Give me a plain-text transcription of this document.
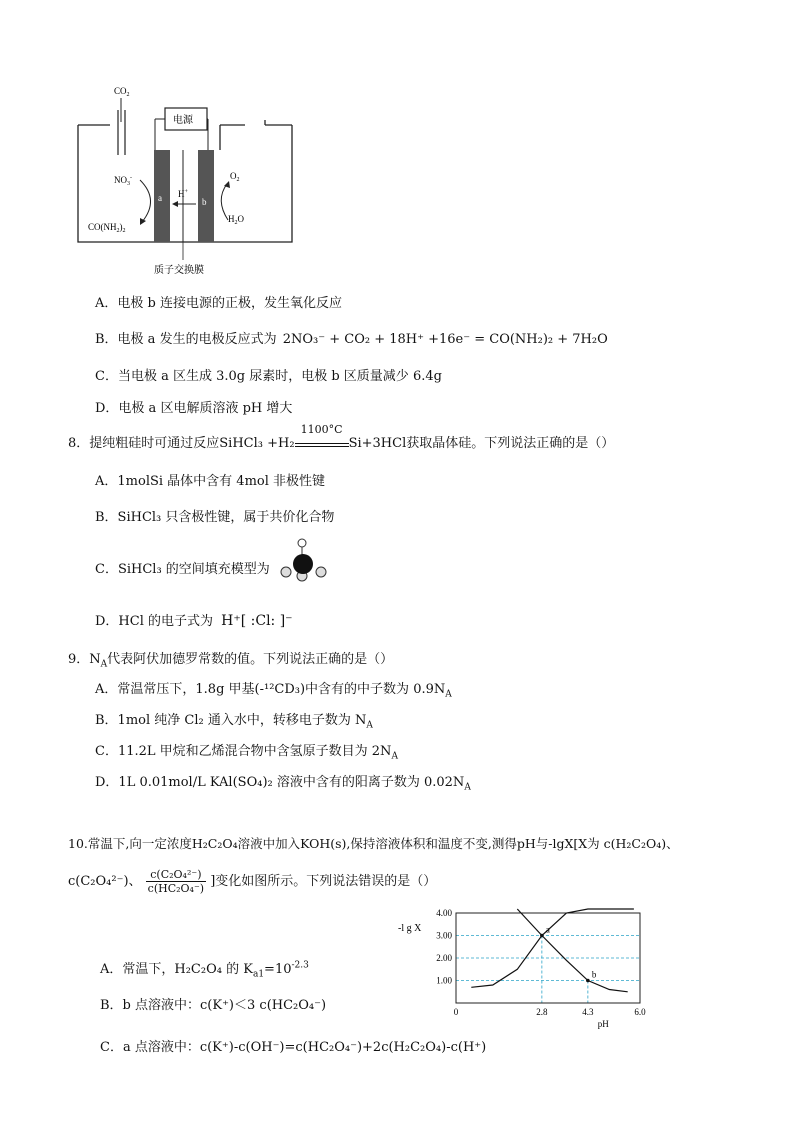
$CO_2$
电源
$NO_3^-$
a	b
H+
$O_2$
$H_2O$
$CO(NH_2)_2$
质子交换膜
A．电极 b 连接电源的正极，发生氧化反应
B．电极 a 发生的电极反应式为 2NO₃⁻ + CO₂ + 18H⁺ +16e⁻ = CO(NH₂)₂ + 7H₂O
C．当电极 a 区生成 3.0g 尿素时，电极 b 区质量减少 6.4g
D．电极 a 区电解质溶液 pH 增大
8．提纯粗硅时可通过反应SiHCl₃ +H₂
1100°C
Si+3HCl获取晶体硅。下列说法正确的是（）
A．1molSi 晶体中含有 4mol 非极性键
B．SiHCl₃ 只含极性键，属于共价化合物
C．SiHCl₃ 的空间填充模型为
D．HCl 的电子式为 H⁺[ :Cl: ]⁻
9．$N_A$代表阿伏加德罗常数的值。下列说法正确的是（）
A．常温常压下，1.8g 甲基(-¹²CD₃)中含有的中子数为 $0.9N_A$
B．1mol 纯净 Cl₂ 通入水中，转移电子数为 $N_A$
C．11.2L 甲烷和乙烯混合物中含氢原子数目为 $2N_A$
D．1L 0.01mol/L KAl(SO₄)₂ 溶液中含有的阳离子数为 $0.02N_A$
10.常温下,向一定浓度H₂C₂O₄溶液中加入KOH(s),保持溶液体积和温度不变,测得pH与-lgX[X为 c(H₂C₂O₄)、
c(C₂O₄²⁻)、 $\frac{\text{c(C₂O₄²⁻)}}{\text{c(HC₂O₄⁻)}}$ ]变化如图所示。下列说法错误的是（）
A．常温下，H₂C₂O₄ 的 $K_{a1}=10^{-2.3}$
B．b 点溶液中：c(K⁺)＜3 c(HC₂O₄⁻)
C．a 点溶液中：c(K⁺)-c(OH⁻)=c(HC₂O₄⁻)+2c(H₂C₂O₄)-c(H⁺)
a
b
1.00
2.00
3.00
4.00
0	2.8	4.3	6.0
-l g X
pH
